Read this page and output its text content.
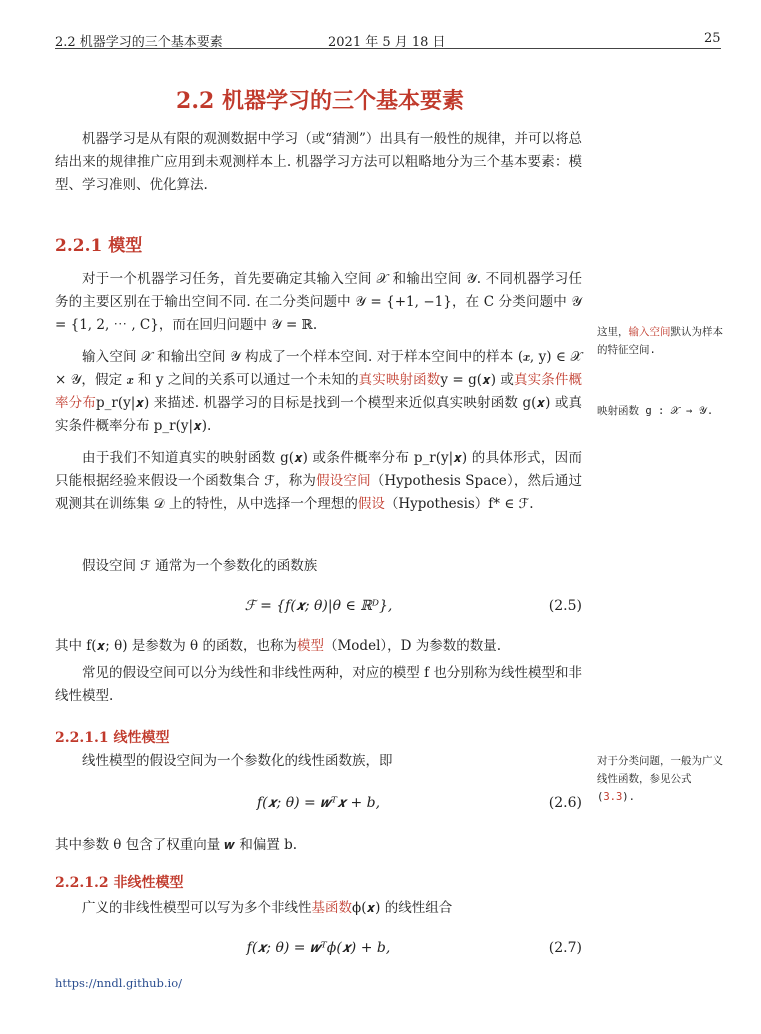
2.2 机器学习的三个基本要素	2021 年 5 月 18 日	25
2.2 机器学习的三个基本要素
机器学习是从有限的观测数据中学习（或“猜测”）出具有一般性的规律，并可以将总结出来的规律推广应用到未观测样本上. 机器学习方法可以粗略地分为三个基本要素：模型、学习准则、优化算法.
2.2.1 模型
对于一个机器学习任务，首先要确定其输入空间 𝒳 和输出空间 𝒴. 不同机器学习任务的主要区别在于输出空间不同. 在二分类问题中 𝒴 = {+1, −1}，在 C 分类问题中 𝒴 = {1, 2, ⋯ , C}，而在回归问题中 𝒴 = ℝ.
输入空间 𝒳 和输出空间 𝒴 构成了一个样本空间. 对于样本空间中的样本 (𝒙, y) ∈ 𝒳 × 𝒴，假定 𝒙 和 y 之间的关系可以通过一个未知的真实映射函数y = g(𝒙) 或真实条件概率分布p_r(y|𝒙) 来描述. 机器学习的目标是找到一个模型来近似真实映射函数 g(𝒙) 或真实条件概率分布 p_r(y|𝒙).
由于我们不知道真实的映射函数 g(𝒙) 或条件概率分布 p_r(y|𝒙) 的具体形式，因而只能根据经验来假设一个函数集合 ℱ，称为假设空间（Hypothesis Space），然后通过观测其在训练集 𝒟 上的特性，从中选择一个理想的假设（Hypothesis）f* ∈ ℱ.
假设空间 ℱ 通常为一个参数化的函数族
ℱ = {f(𝒙; θ)|θ ∈ ℝᴰ},	(2.5)
其中 f(𝒙; θ) 是参数为 θ 的函数，也称为模型（Model），D 为参数的数量.
常见的假设空间可以分为线性和非线性两种，对应的模型 f 也分别称为线性模型和非线性模型.
2.2.1.1 线性模型
线性模型的假设空间为一个参数化的线性函数族，即
f(𝒙; θ) = 𝒘ᵀ𝒙 + b,	(2.6)
其中参数 θ 包含了权重向量 𝒘 和偏置 b.
2.2.1.2 非线性模型
广义的非线性模型可以写为多个非线性基函数ϕ(𝒙) 的线性组合
f(𝒙; θ) = 𝒘ᵀϕ(𝒙) + b,	(2.7)
这里，输入空间默认为样本的特征空间.
映射函数 g : 𝒳 → 𝒴.
对于分类问题，一般为广义线性函数，参见公式(3.3).
https://nndl.github.io/
